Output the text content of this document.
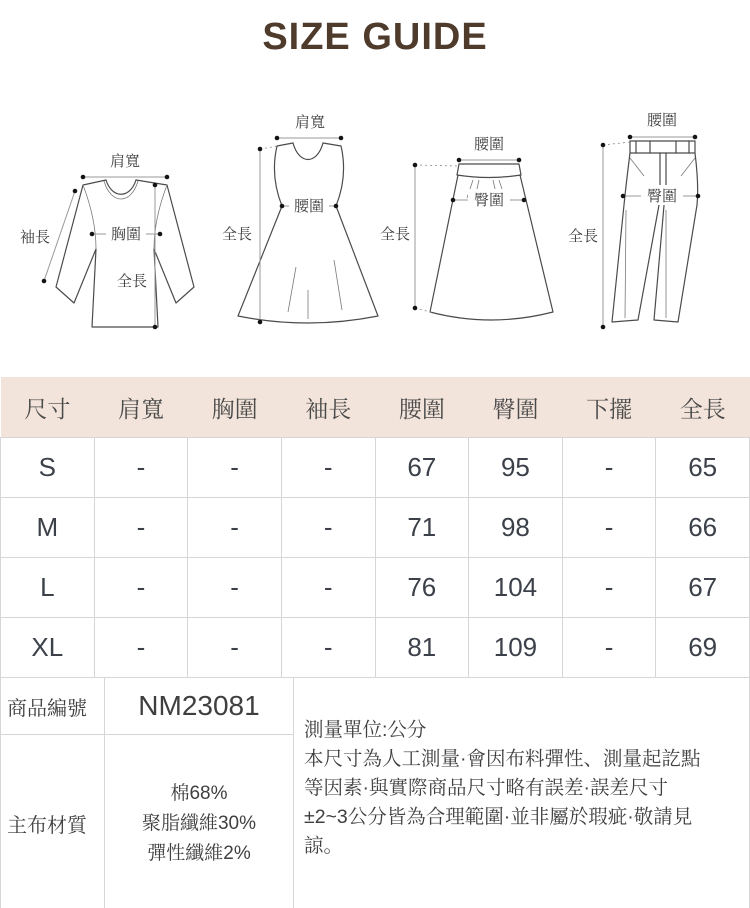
SIZE GUIDE
肩寬
袖長	胸圍
全長
肩寬
腰圍
全長
腰圍
臀圍
全長
腰圍
臀圍
全長
尺寸	肩寬	胸圍	袖長	腰圍	臀圍	下擺	全長
S	-	-	-	67	95	-	65
M	-	-	-	71	98	-	66
L	-	-	-	76	104	-	67
XL	-	-	-	81	109	-	69
商品編號	NM23081	測量單位:公分
本尺寸為人工測量·會因布料彈性、測量起訖點等因素·與實際商品尺寸略有誤差·誤差尺寸±2~3公分皆為合理範圍·並非屬於瑕疵·敬請見諒。

主布材質	棉68%
聚脂纖維30%
彈性纖維2%	
